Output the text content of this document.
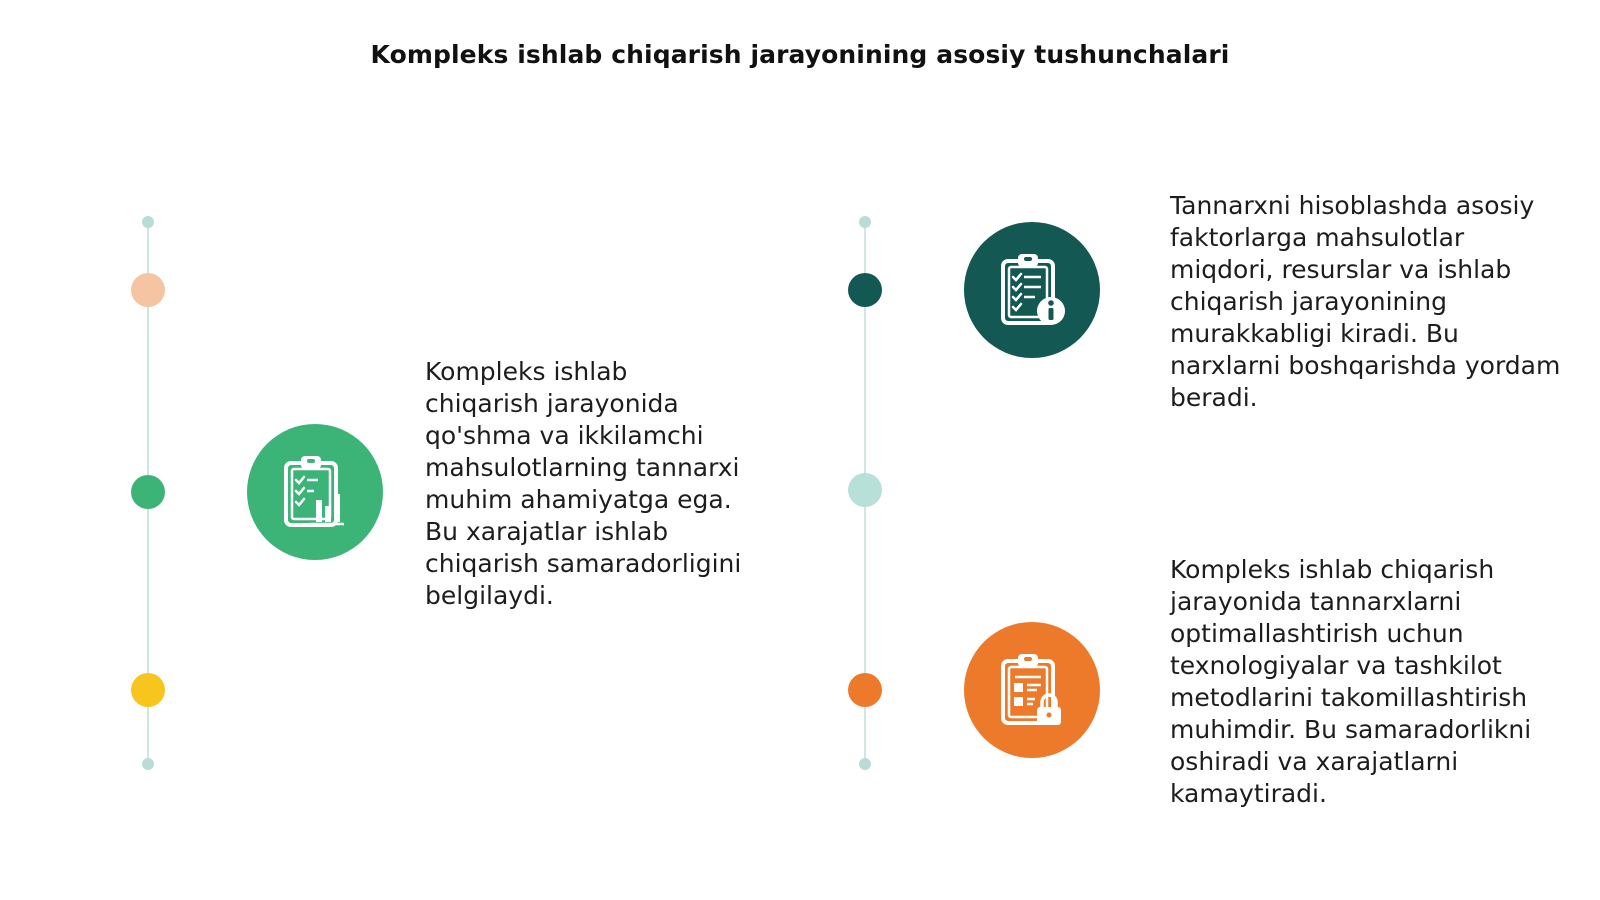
Kompleks ishlab chiqarish jarayonining asosiy tushunchalari
Kompleks ishlab chiqarish jarayonida qo'shma va ikkilamchi mahsulotlarning tannarxi muhim ahamiyatga ega. Bu xarajatlar ishlab chiqarish samaradorligini belgilaydi.
Tannarxni hisoblashda asosiy faktorlarga mahsulotlar miqdori, resurslar va ishlab chiqarish jarayonining murakkabligi kiradi. Bu narxlarni boshqarishda yordam beradi.
Kompleks ishlab chiqarish jarayonida tannarxlarni optimallashtirish uchun texnologiyalar va tashkilot metodlarini takomillashtirish muhimdir. Bu samaradorlikni oshiradi va xarajatlarni kamaytiradi.
